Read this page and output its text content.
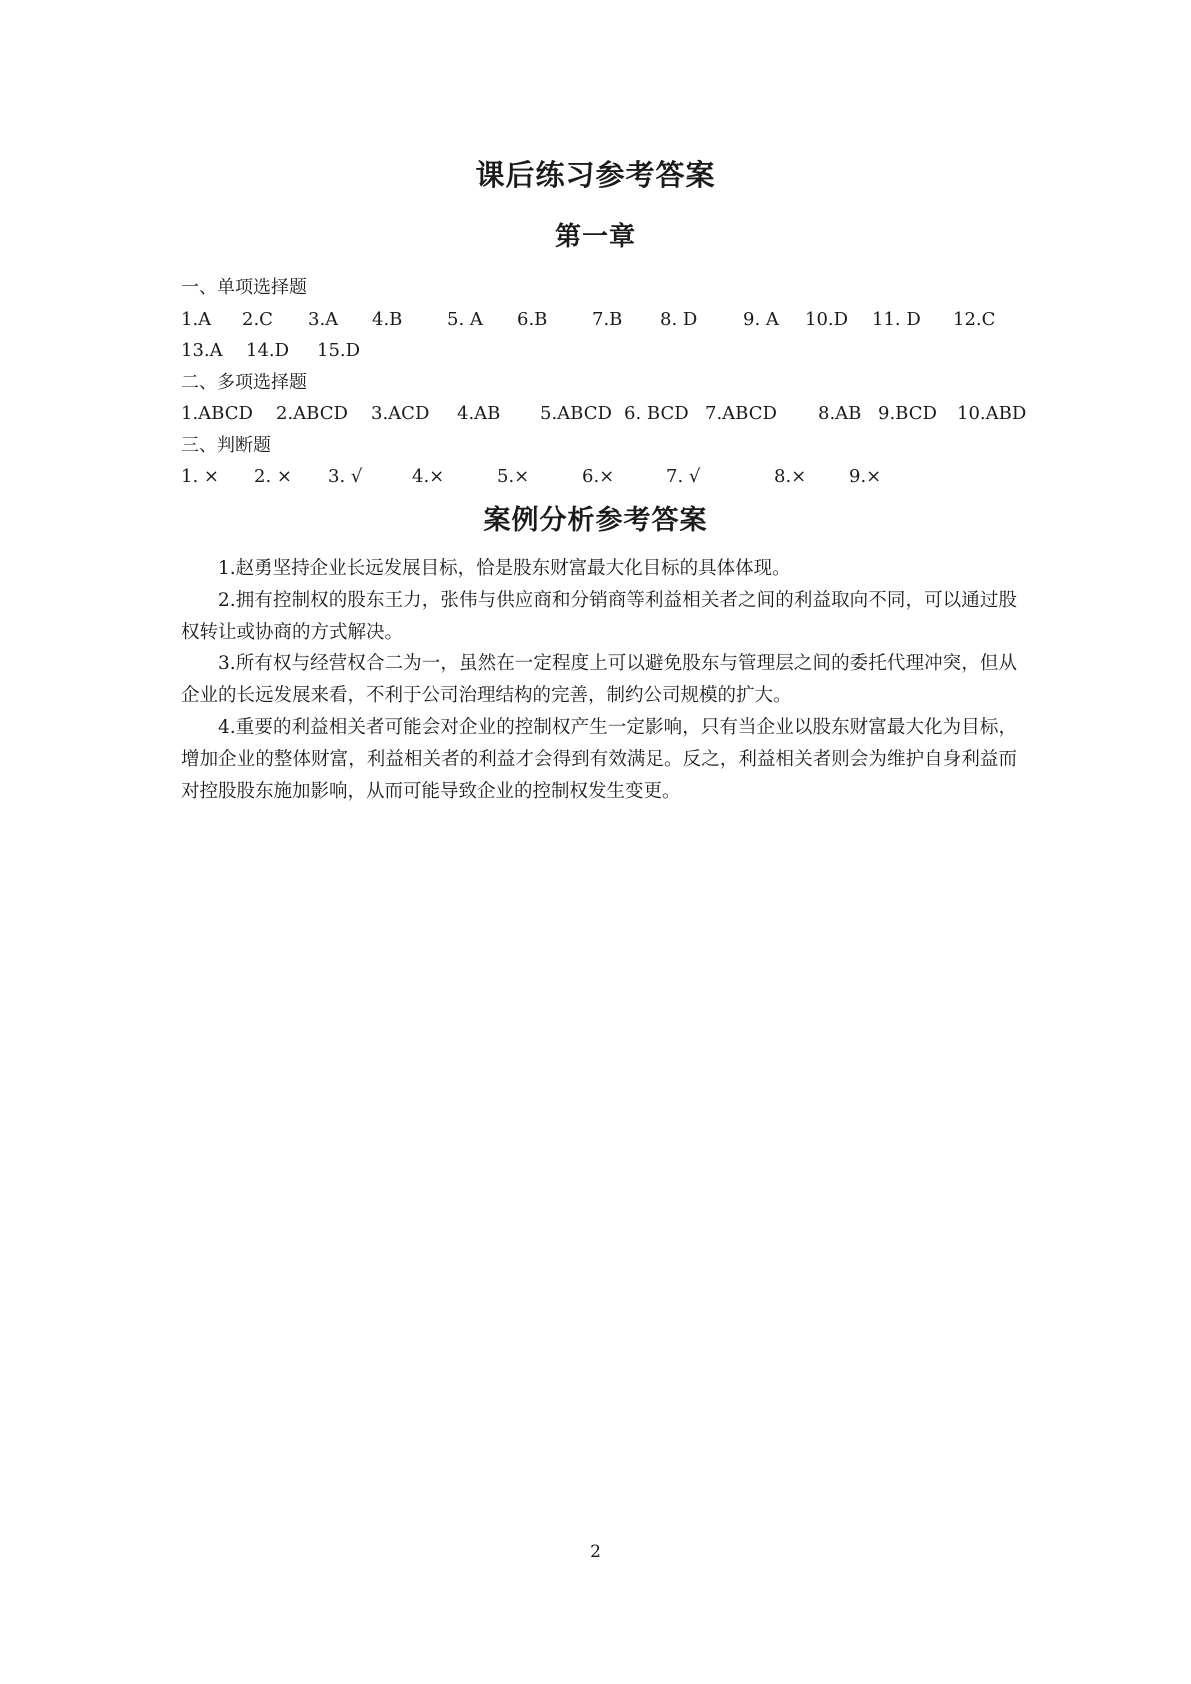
课后练习参考答案
第一章
一、单项选择题
1.A 2.C 3.A 4.B 5. A 6.B 7.B 8. D	9. A 10.D 11. D 12.C
13.A 14.D 15.D
二、多项选择题
1.ABCD 2.ABCD 3.ACD 4.AB 5.ABCD 6. BCD 7.ABCD 8.AB 9.BCD 10.ABD
三、判断题
1. × 2. × 3. √	4.×	5.×	6.×	7. √	8.× 9.×
案例分析参考答案

1.赵勇坚持企业长远发展目标，恰是股东财富最大化目标的具体体现。

2.拥有控制权的股东王力，张伟与供应商和分销商等利益相关者之间的利益取向不同，可以通过股权转让或协商的方式解决。

3.所有权与经营权合二为一，虽然在一定程度上可以避免股东与管理层之间的委托代理冲突，但从企业的长远发展来看，不利于公司治理结构的完善，制约公司规模的扩大。

4.重要的利益相关者可能会对企业的控制权产生一定影响，只有当企业以股东财富最大化为目标，增加企业的整体财富，利益相关者的利益才会得到有效满足。反之，利益相关者则会为维护自身利益而对控股股东施加影响，从而可能导致企业的控制权发生变更。

2
